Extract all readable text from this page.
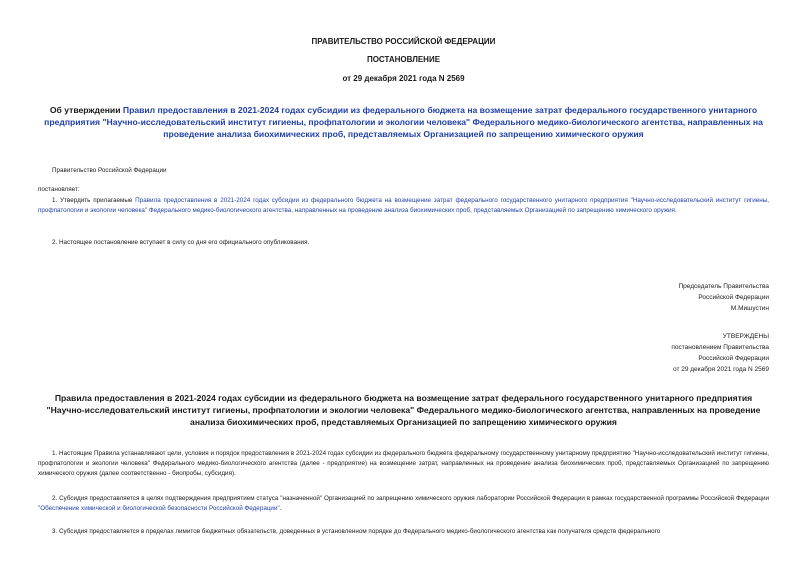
ПРАВИТЕЛЬСТВО РОССИЙСКОЙ ФЕДЕРАЦИИ
ПОСТАНОВЛЕНИЕ
от 29 декабря 2021 года N 2569
Об утверждении Правил предоставления в 2021-2024 годах субсидии из федерального бюджета на возмещение затрат федерального государственного унитарного предприятия "Научно-исследовательский институт гигиены, профпатологии и экологии человека" Федерального медико-биологического агентства, направленных на проведение анализа биохимических проб, представляемых Организацией по запрещению химического оружия
Правительство Российской Федерации
постановляет:
1. Утвердить прилагаемые Правила предоставления в 2021-2024 годах субсидии из федерального бюджета на возмещение затрат федерального государственного унитарного предприятия "Научно-исследовательский институт гигиены, профпатологии и экологии человека" Федерального медико-биологического агентства, направленных на проведение анализа биохимических проб, представляемых Организацией по запрещению химического оружия.
2. Настоящее постановление вступает в силу со дня его официального опубликования.
Председатель Правительства
Российской Федерации
М.Мишустин
УТВЕРЖДЕНЫ
постановлением Правительства
Российской Федерации
от 29 декабря 2021 года N 2569
Правила предоставления в 2021-2024 годах субсидии из федерального бюджета на возмещение затрат федерального государственного унитарного предприятия "Научно-исследовательский институт гигиены, профпатологии и экологии человека" Федерального медико-биологического агентства, направленных на проведение анализа биохимических проб, представляемых Организацией по запрещению химического оружия
1. Настоящие Правила устанавливают цели, условия и порядок предоставления в 2021-2024 годах субсидии из федерального бюджета федеральному государственному унитарному предприятию "Научно-исследовательский институт гигиены, профпатологии и экологии человека" Федерального медико-биологического агентства (далее - предприятие) на возмещение затрат, направленных на проведение анализа биохимических проб, представляемых Организацией по запрещению химического оружия (далее соответственно - биопробы, субсидия).
2. Субсидия предоставляется в целях подтверждения предприятием статуса "назначенной" Организацией по запрещению химического оружия лаборатории Российской Федерации в рамках государственной программы Российской Федерации "Обеспечение химической и биологической безопасности Российской Федерации".
3. Субсидия предоставляется в пределах лимитов бюджетных обязательств, доведенных в установленном порядке до Федерального медико-биологического агентства как получателя средств федерального
